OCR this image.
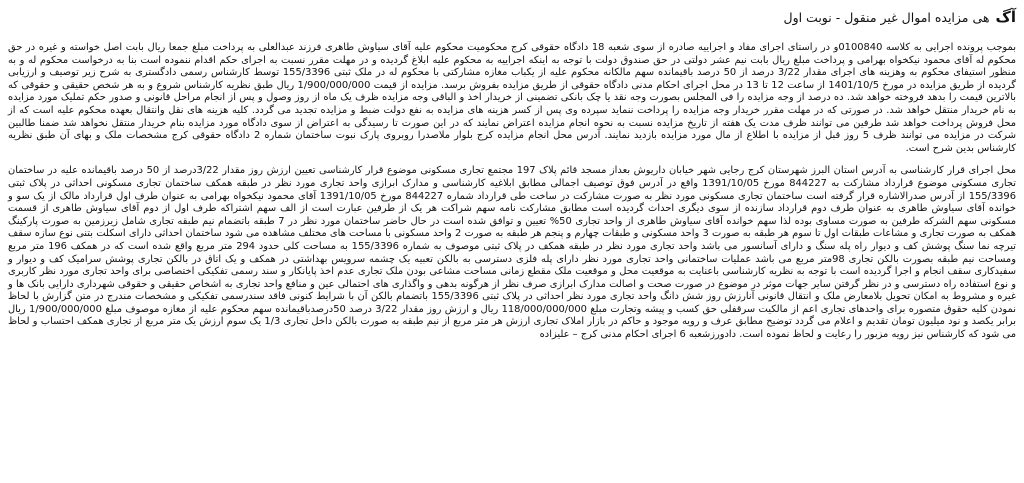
آگ
هی مزایده اموال غیر منقول - نوبت اول

بموجب پرونده اجرایی به کلاسه 0100840و در راستای اجرای مفاد و اجراییه صادره از سوی شعبه 18 دادگاه حقوقی کرج محکومیت محکوم علیه آقای سیاوش طاهری فرزند عبدالعلی به پرداخت مبلغ جمعا ریال بابت اصل خواسته و غیره در حق محکوم له آقای محمود نیکخواه بهرامی و پرداخت مبلغ ریال بابت نیم عشر دولتی در حق صندوق دولت با توجه به اینکه اجراییه به محکوم علیه ابلاغ گردیده و در مهلت مقرر نسبت به اجرای حکم اقدام ننموده است بنا به درخواست محکوم له و به منظور استیفای محکوم به وهزینه های اجرای مقدار 3/22 درصد از 50 درصد باقیمانده سهم مالکانه محکوم علیه از یکباب مغازه مشارکتی با محکوم له در ملک ثبتی 155/3396 توسط کارشناس رسمی دادگستری به شرح زیر توصیف و ارزیابی گردیده از طریق مزایده در مورخ 1401/10/5 از ساعت 12 تا 13 در محل اجرای احکام مدنی دادگاه حقوقی از طریق مزایده بفروش برسد. مزایده از قیمت 1/900/000/000 ریال طبق نظریه کارشناس شروع و به هر شخص حقیقی و حقوقی که بالاترین قیمت را بدهد فروخته خواهد شد. ده درصد از وجه مزایده را فی المجلس بصورت وجه نقد یا چک بانکی تضمینی از خریدار اخذ و الباقی وجه مزایده ظرف یک ماه از روز وصول و پس از انجام مراحل قانونی و صدور حکم تملیک مورد مزایده به نام خریدار منتقل خواهد شد. در صورتی که در مهلت مقرر خریدار وجه مزایده را پرداخت ننماید سپرده وی پس از کسر هزینه های مزایده به نفع دولت ضبط و مزایده تجدید می گردد. کلیه هزینه های نقل وانتقال بعهده محکوم علیه است که از محل فروش پرداخت خواهد شد طرفین می توانند ظرف مدت یک هفته از تاریخ مزایده نسبت به نحوه انجام مزایده اعتراض نمایند که در این صورت تا رسیدگی به اعتراض از سوی دادگاه مورد مزایده بنام خریدار منتقل نخواهد شد ضمنا طالبین شرکت در مزایده می توانند ظرف 5 روز قبل از مزایده با اطلاع از مال مورد مزایده بازدید نمایند. آدرس محل انجام مزایده کرج بلوار ملاصدرا روبروی پارک نبوت ساختمان شماره 2 دادگاه حقوقی کرج مشخصات ملک و بهای آن طبق نظریه کارشناس بدین شرح است.

محل اجرای قرار کارشناسی به آدرس استان البرز شهرستان کرج رجایی شهر خیابان داریوش بعداز مسجد قائم پلاک 197 مجتمع تجاری مسکونی موضوع قرار کارشناسی تعیین ارزش روز مقدار 3/22درصد از 50 درصد باقیمانده علیه در ساختمان تجاری مسکونی موضوع قرارداد مشارکت به 844227 مورخ 1391/10/05 واقع در آدرس فوق توصیف اجمالی مطابق ابلاغیه کارشناسی و مدارک ابرازی واحد تجاری مورد نظر در طبقه همکف ساختمان تجاری مسکونی احداثی در پلاک ثبتی 155/3396 از آدرس صدرالاشاره قرار گرفته است ساختمان تجاری مسکونی مورد نظر به صورت مشارکت در ساخت طی قرارداد شماره 844227 مورخ 1391/10/05 آقای محمود نیکخواه بهرامی به عنوان طرف اول قرارداد مالک از یک سو و خوانده آقای سیاوش طاهری به عنوان طرف دوم قرارداد سازنده از سوی دیگری احداث گردیده است مطابق مشارکت نامه سهم شراکت هر یک از طرفین عبارت است از الف سهم اشتراکه طرف اول از دوم آقای سیاوش طاهری از قسمت مسکونی سهم الشرکه طرفین به صورت مساوی بوده لذا سهم خوانده آقای سیاوش طاهری از واحد تجاری 50% تعیین و توافق شده است در حال حاضر ساختمان مورد نظر در 7 طبقه باتضمام نیم طبقه تجاری شامل زیرزمین به صورت پارکینگ همکف به صورت تجاری و مشاعات طبقات اول تا سوم هر طبقه به صورت 3 واحد مسکونی و طبقات چهارم و پنجم هر طبقه به صورت 2 واحد مسکونی با مساحت های مختلف مشاهده می شود ساختمان احداثی دارای اسکلت بتنی نوع سازه سقف تیرچه نما سنگ پوشش کف و دیوار راه پله سنگ و دارای آسانسور می باشد واحد تجاری مورد نظر در طبقه همکف در پلاک ثبتی موصوف به شماره 155/3396 به مساحت کلی حدود 294 متر مربع واقع شده است که در همکف 196 متر مربع ومساحت نیم طبقه بصورت بالکن تجاری 98متر مربع می باشد عملیات ساختمانی واحد تجاری مورد نظر دارای پله فلزی دسترسی به بالکن تعبیه یک چشمه سرویس بهداشتی در همکف و یک اتاق در بالکن تجاری پوشش سرامیک کف و دیوار و سفیدکاری سقف انجام و اجرا گردیده است با توجه به نظریه کارشناسی باعنایت به موقعیت محل و موقعیت ملک مقطع زمانی مساحت مشاعی بودن ملک تجاری عدم اخذ پایانکار و سند رسمی تفکیکی اختصاصی برای واحد تجاری مورد نظر کاربری و نوع استفاده راه دسترسی و در نظر گرفتن سایر جهات موثر در موضوع در صورت صحت و اصالت مدارک ابرازی صرف نظر از هرگونه بدهی و واگذاری های احتمالی عین و منافع واحد تجاری به اشخاص حقیقی و حقوقی شهرداری دارایی بانک ها و غیره و مشروط به امکان تحویل بلامعارض ملک و انتقال قانونی آنارزش روز شش دانگ واحد تجاری مورد نظر احداثی در پلاک ثبتی 155/3396 باتضمام بالکن آن با شرایط کنونی فاقد سندرسمی تفکیکی و مشخصات مندرج در متن گزارش با لحاظ نمودن کلیه حقوق متصوره برای واحدهای تجاری اعم از مالکیت سرقفلی حق کسب و پیشه وتجارت مبلغ 118/000/000/000 ریال و ارزش روز مقدار 3/22 درصد 50درصدباقیمانده سهم محکوم علیه از مغازه موصوف مبلغ 1/900/000/000 ریال برابر یکصد و نود میلیون تومان تقدیم و اعلام می گردد توضیح مطابق عرف و رویه موجود و حاکم در بازار املاک تجاری ارزش هر متر مربع از نیم طبقه به صورت بالکن داخل تجاری 1/3 یک سوم ارزش یک متر مربع از تجاری همکف احتساب و لحاظ می شود که کارشناس نیز رویه مزبور را رعایت و لحاظ نموده است. دادورزشعبه 6 اجرای احکام مدنی کرج – علیزاده
